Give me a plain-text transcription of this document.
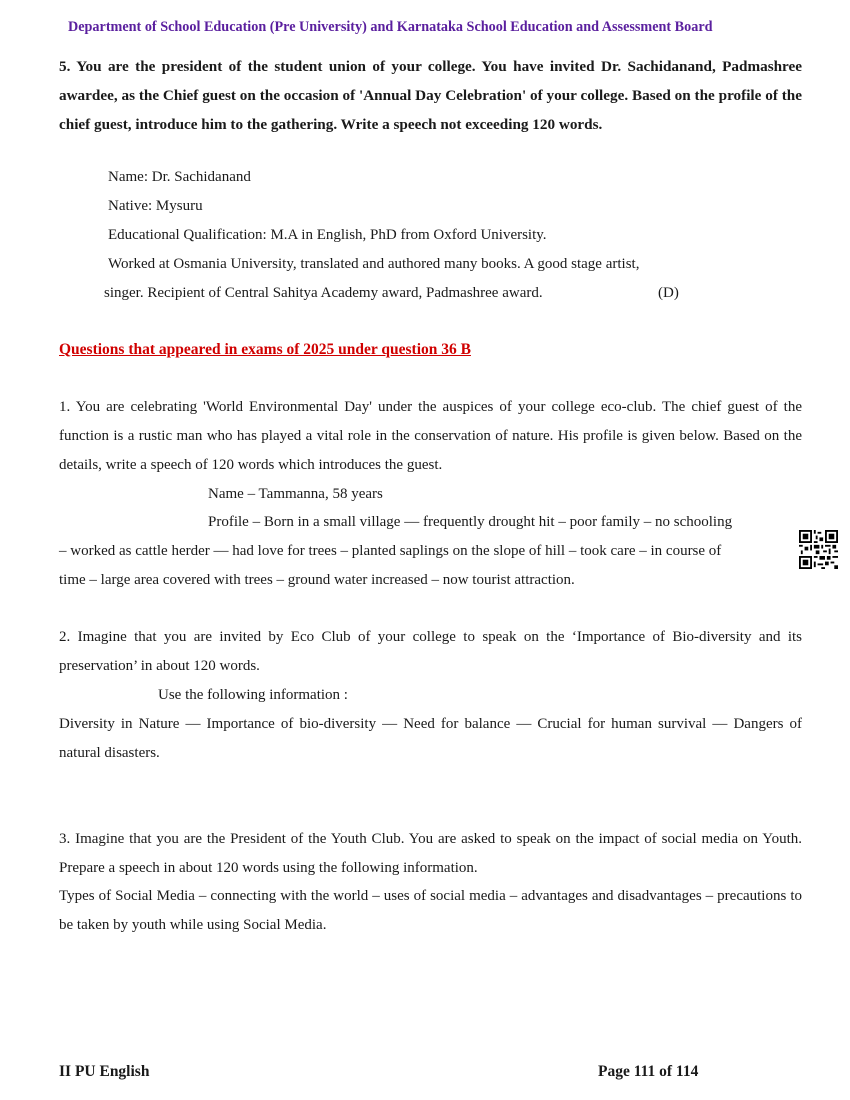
Department of School Education (Pre University) and Karnataka School Education and Assessment Board
5. You are the president of the student union of your college. You have invited Dr. Sachidanand, Padmashree awardee, as the Chief guest on the occasion of 'Annual Day Celebration' of your college. Based on the profile of the chief guest, introduce him to the gathering. Write a speech not exceeding 120 words.
Name: Dr. Sachidanand
Native: Mysuru
Educational Qualification: M.A in English, PhD from Oxford University.
Worked at Osmania University, translated and authored many books. A good stage artist,
singer. Recipient of Central Sahitya Academy award, Padmashree award.	(D)
Questions that appeared in exams of 2025 under question 36 B
1. You are celebrating 'World Environmental Day' under the auspices of your college eco-club. The chief guest of the function is a rustic man who has played a vital role in the conservation of nature. His profile is given below. Based on the details, write a speech of 120 words which introduces the guest.
Name – Tammanna, 58 years
Profile – Born in a small village — frequently drought hit – poor family – no schooling
– worked as cattle herder — had love for trees – planted saplings on the slope of hill – took care – in course of
time – large area covered with trees – ground water increased – now tourist attraction.
2. Imagine that you are invited by Eco Club of your college to speak on the ‘Importance of Bio-diversity and its preservation’ in about 120 words.
Use the following information :
Diversity in Nature — Importance of bio-diversity — Need for balance — Crucial for human survival — Dangers of natural disasters.
3. Imagine that you are the President of the Youth Club. You are asked to speak on the impact of social media on Youth. Prepare a speech in about 120 words using the following information.
Types of Social Media – connecting with the world – uses of social media – advantages and disadvantages – precautions to be taken by youth while using Social Media.
II PU English	Page 111 of 114
